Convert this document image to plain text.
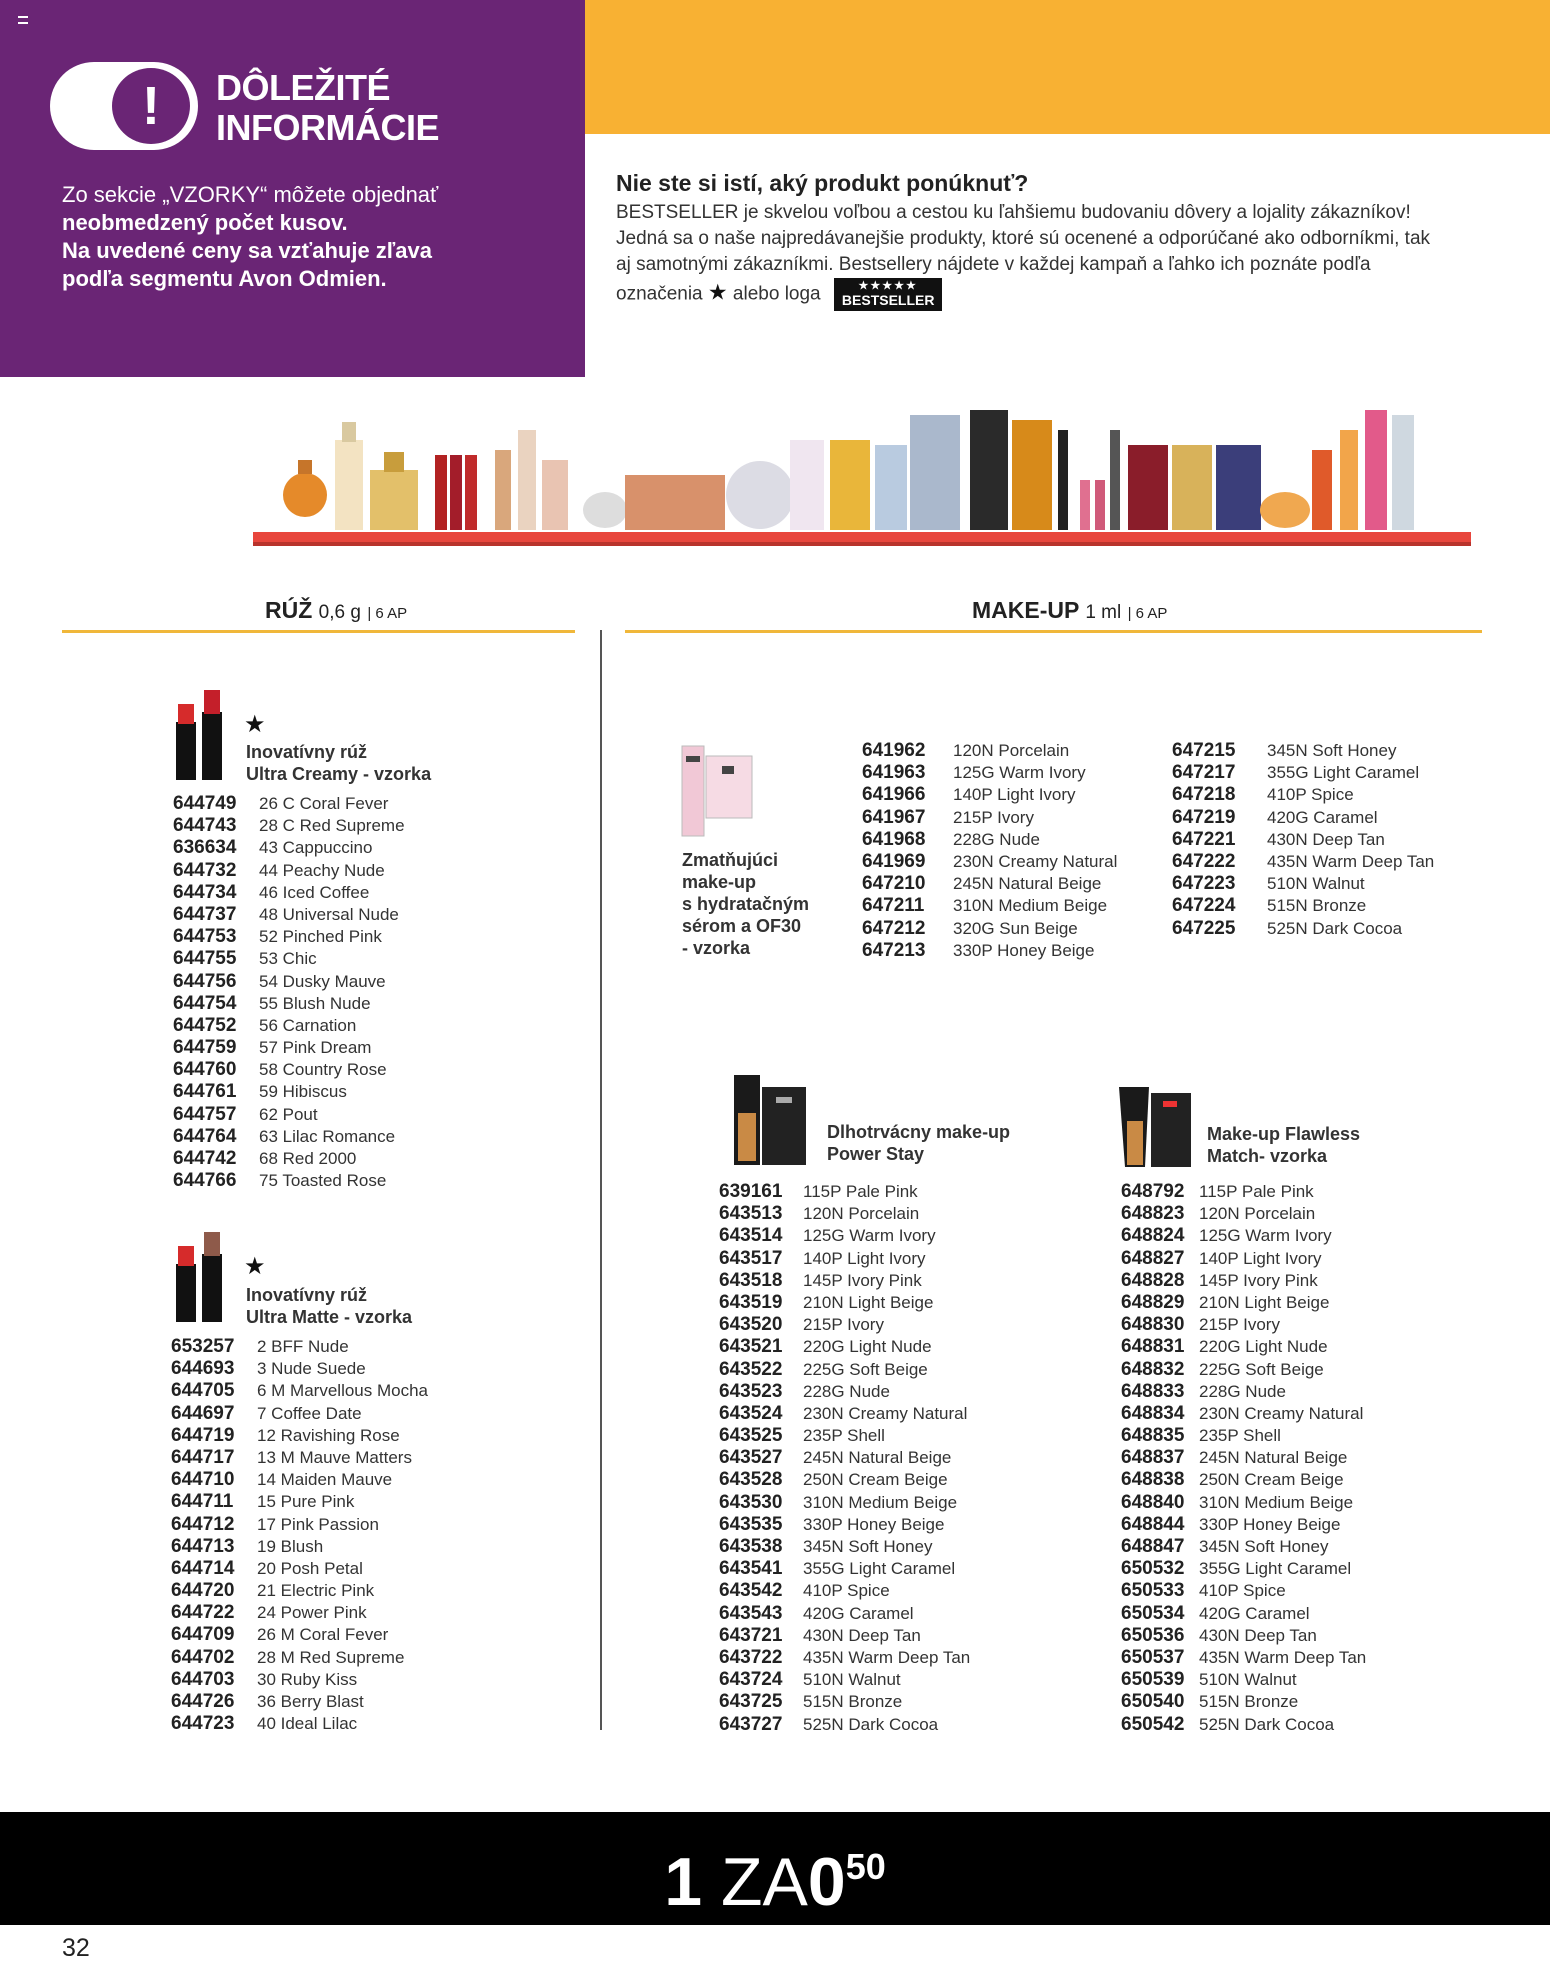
!	DÔLEŽITÉ
INFORMÁCIE
Zo sekcie „VZORKY“ môžete objednať
neobmedzený počet kusov.
Na uvedené ceny sa vzťahuje zľava
podľa segmentu Avon Odmien.
Nie ste si istí, aký produkt ponúknuť?
BESTSELLER je skvelou voľbou a cestou ku ľahšiemu budovaniu dôvery a lojality zákazníkov! Jedná sa o naše najpredávanejšie produkty, ktoré sú ocenené a odporúčané ako odborníkmi, tak aj samotnými zákazníkmi. Bestsellery nájdete v každej kampaň a ľahko ich poznáte podľa označenia ★ alebo loga	★★★★★
BESTSELLER
RÚŽ 0,6 g | 6 AP	MAKE-UP 1 ml | 6 AP
★
Inovatívny rúž
Ultra Creamy - vzorka
644749 26 C Coral Fever
644743 28 C Red Supreme
636634 43 Cappuccino
644732 44 Peachy Nude
644734 46 Iced Coffee
644737 48 Universal Nude
644753 52 Pinched Pink
644755 53 Chic
644756 54 Dusky Mauve
644754 55 Blush Nude
644752 56 Carnation
644759 57 Pink Dream
644760 58 Country Rose
644761 59 Hibiscus
644757 62 Pout
644764 63 Lilac Romance
644742 68 Red 2000
644766 75 Toasted Rose
★
Inovatívny rúž
Ultra Matte - vzorka
653257 2 BFF Nude
644693 3 Nude Suede
644705 6 M Marvellous Mocha
644697 7 Coffee Date
644719 12 Ravishing Rose
644717 13 M Mauve Matters
644710 14 Maiden Mauve
644711 15 Pure Pink
644712 17 Pink Passion
644713 19 Blush
644714 20 Posh Petal
644720 21 Electric Pink
644722 24 Power Pink
644709 26 M Coral Fever
644702 28 M Red Supreme
644703 30 Ruby Kiss
644726 36 Berry Blast
644723 40 Ideal Lilac
Zmatňujúci
make-up
s hydratačným
sérom a OF30
- vzorka
641962 120N Porcelain
641963 125G Warm Ivory
641966 140P Light Ivory
641967 215P Ivory
641968 228G Nude
641969 230N Creamy Natural
647210 245N Natural Beige
647211 310N Medium Beige
647212 320G Sun Beige
647213 330P Honey Beige
647215 345N Soft Honey
647217 355G Light Caramel
647218 410P Spice
647219 420G Caramel
647221 430N Deep Tan
647222 435N Warm Deep Tan
647223 510N Walnut
647224 515N Bronze
647225 525N Dark Cocoa
Dlhotrvácny make-up
Power Stay
639161 115P Pale Pink
643513 120N Porcelain
643514 125G Warm Ivory
643517 140P Light Ivory
643518 145P Ivory Pink
643519 210N Light Beige
643520 215P Ivory
643521 220G Light Nude
643522 225G Soft Beige
643523 228G Nude
643524 230N Creamy Natural
643525 235P Shell
643527 245N Natural Beige
643528 250N Cream Beige
643530 310N Medium Beige
643535 330P Honey Beige
643538 345N Soft Honey
643541 355G Light Caramel
643542 410P Spice
643543 420G Caramel
643721 430N Deep Tan
643722 435N Warm Deep Tan
643724 510N Walnut
643725 515N Bronze
643727 525N Dark Cocoa
Make-up Flawless
Match- vzorka
648792 115P Pale Pink
648823 120N Porcelain
648824 125G Warm Ivory
648827 140P Light Ivory
648828 145P Ivory Pink
648829 210N Light Beige
648830 215P Ivory
648831 220G Light Nude
648832 225G Soft Beige
648833 228G Nude
648834 230N Creamy Natural
648835 235P Shell
648837 245N Natural Beige
648838 250N Cream Beige
648840 310N Medium Beige
648844 330P Honey Beige
648847 345N Soft Honey
650532 355G Light Caramel
650533 410P Spice
650534 420G Caramel
650536 430N Deep Tan
650537 435N Warm Deep Tan
650539 510N Walnut
650540 515N Bronze
650542 525N Dark Cocoa
1 $ZA0^{50}$
32
